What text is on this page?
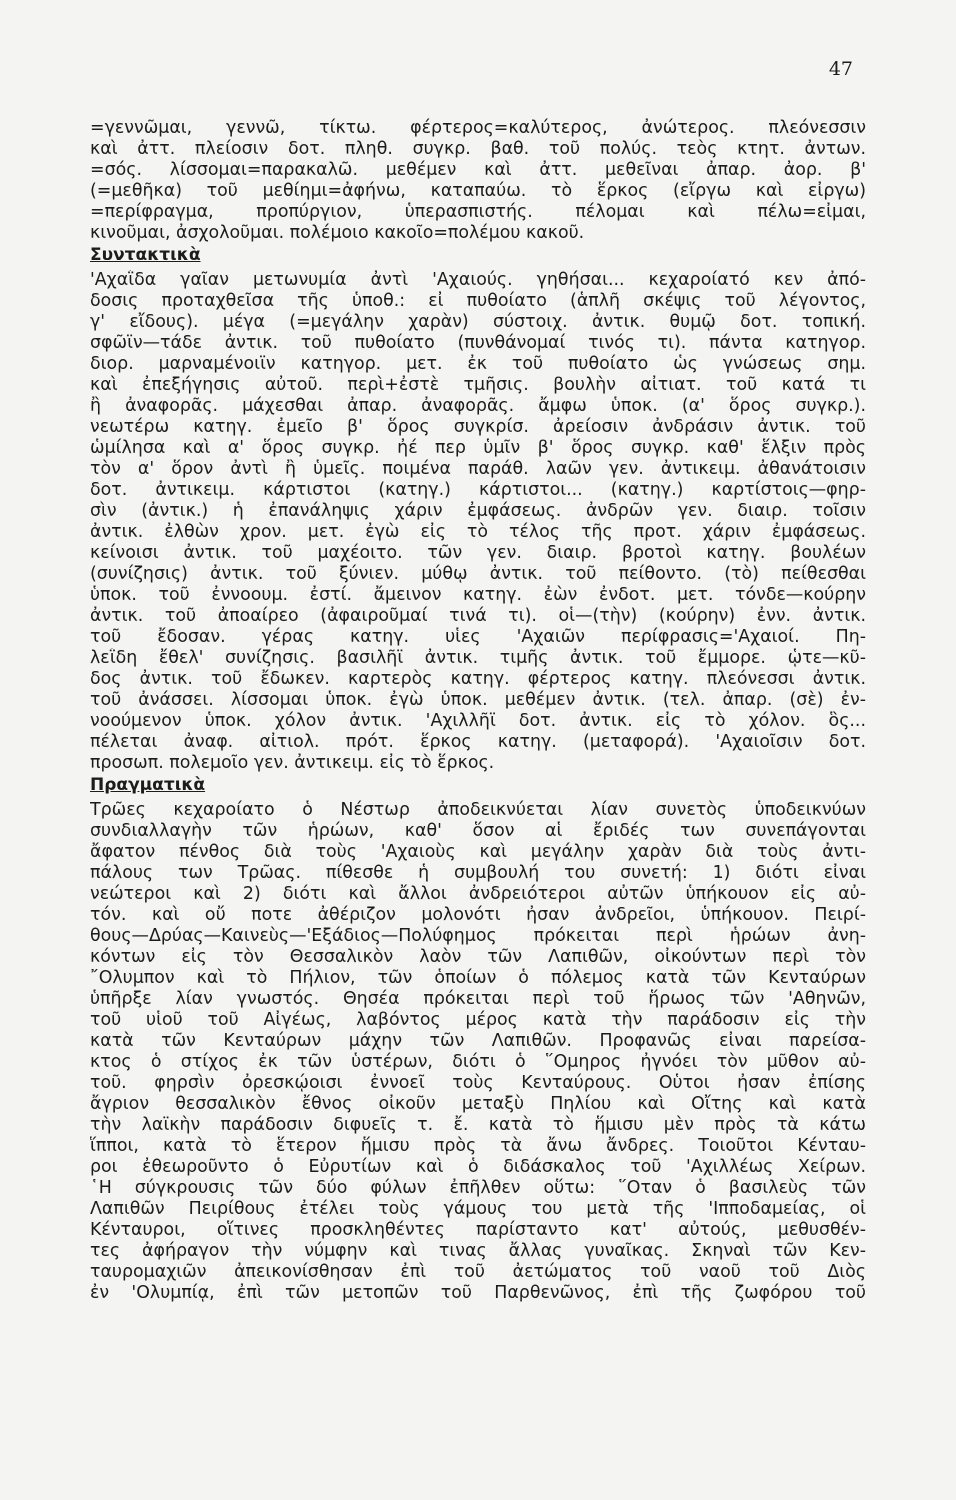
47
=γεννῶμαι, γεννῶ, τίκτω. φέρτερος=καλύτερος, ἀνώτερος. πλεόνεσσιν
καὶ ἀττ. πλείοσιν δοτ. πληθ. συγκρ. βαθ. τοῦ πολύς. τεὸς κτητ. ἀντων.
=σός. λίσσομαι=παρακαλῶ. μεθέμεν καὶ ἀττ. μεθεῖναι ἀπαρ. ἀορ. β'
(=μεθῆκα) τοῦ μεθίημι=ἀφήνω, καταπαύω. τὸ ἕρκος (εἴργω καὶ εἶργω)
=περίφραγμα, προπύργιον, ὑπερασπιστής. πέλομαι καὶ πέλω=εἶμαι,
κινοῦμαι, ἀσχολοῦμαι. πολέμοιο κακοῖο=πολέμου κακοῦ.
Συντακτικὰ
'Αχαΐδα γαῖαν μετωνυμία ἀντὶ 'Αχαιούς. γηθήσαι... κεχαροίατό κεν ἀπό-
δοσις προταχθεῖσα τῆς ὑποθ.: εἰ πυθοίατο (ἁπλῆ σκέψις τοῦ λέγοντος,
γ' εἴδους). μέγα (=μεγάλην χαρὰν) σύστοιχ. ἀντικ. θυμῷ δοτ. τοπική.
σφῶϊν—τάδε ἀντικ. τοῦ πυθοίατο (πυνθάνομαί τινός τι). πάντα κατηγορ.
διορ. μαρναμένοιϊν κατηγορ. μετ. ἐκ τοῦ πυθοίατο ὡς γνώσεως σημ.
καὶ ἐπεξήγησις αὐτοῦ. περὶ+ἐστὲ τμῆσις. βουλὴν αἰτιατ. τοῦ κατά τι
ἢ ἀναφορᾶς. μάχεσθαι ἀπαρ. ἀναφορᾶς. ἄμφω ὑποκ. (α' ὅρος συγκρ.).
νεωτέρω κατηγ. ἐμεῖο β' ὅρος συγκρίσ. ἀρείοσιν ἀνδράσιν ἀντικ. τοῦ
ὡμίλησα καὶ α' ὅρος συγκρ. ἠέ περ ὑμῖν β' ὅρος συγκρ. καθ' ἕλξιν πρὸς
τὸν α' ὅρον ἀντὶ ἢ ὑμεῖς. ποιμένα παράθ. λαῶν γεν. ἀντικειμ. ἀθανάτοισιν
δοτ. ἀντικειμ. κάρτιστοι (κατηγ.) κάρτιστοι... (κατηγ.) καρτίστοις—φηρ-
σὶν (ἀντικ.) ἡ ἐπανάληψις χάριν ἐμφάσεως. ἀνδρῶν γεν. διαιρ. τοῖσιν
ἀντικ. ἐλθὼν χρον. μετ. ἐγὼ εἰς τὸ τέλος τῆς προτ. χάριν ἐμφάσεως.
κείνοισι ἀντικ. τοῦ μαχέοιτο. τῶν γεν. διαιρ. βροτοὶ κατηγ. βουλέων
(συνίζησις) ἀντικ. τοῦ ξύνιεν. μύθῳ ἀντικ. τοῦ πείθοντο. (τὸ) πείθεσθαι
ὑποκ. τοῦ ἐννοουμ. ἐστί. ἄμεινον κατηγ. ἐὼν ἐνδοτ. μετ. τόνδε—κούρην
ἀντικ. τοῦ ἀποαίρεο (ἀφαιροῦμαί τινά τι). οἱ—(τὴν) (κούρην) ἐνν. ἀντικ.
τοῦ ἔδοσαν. γέρας κατηγ. υἷες 'Αχαιῶν περίφρασις='Αχαιοί. Πη-
λεΐδη ἔθελ' συνίζησις. βασιλῆϊ ἀντικ. τιμῆς ἀντικ. τοῦ ἔμμορε. ᾧτε—κῦ-
δος ἀντικ. τοῦ ἔδωκεν. καρτερὸς κατηγ. φέρτερος κατηγ. πλεόνεσσι ἀντικ.
τοῦ ἀνάσσει. λίσσομαι ὑποκ. ἐγὼ ὑποκ. μεθέμεν ἀντικ. (τελ. ἀπαρ. (σὲ) ἐν-
νοούμενον ὑποκ. χόλον ἀντικ. 'Αχιλλῆϊ δοτ. ἀντικ. εἰς τὸ χόλον. ὃς...
πέλεται ἀναφ. αἰτιολ. πρότ. ἕρκος κατηγ. (μεταφορά). 'Αχαιοῖσιν δοτ.
προσωπ. πολεμοῖο γεν. ἀντικειμ. εἰς τὸ ἕρκος.
Πραγματικὰ
Τρῶες κεχαροίατο ὁ Νέστωρ ἀποδεικνύεται λίαν συνετὸς ὑποδεικνύων
συνδιαλλαγὴν τῶν ἡρώων, καθ' ὅσον αἱ ἔριδές των συνεπάγονται
ἄφατον πένθος διὰ τοὺς 'Αχαιοὺς καὶ μεγάλην χαρὰν διὰ τοὺς ἀντι-
πάλους των Τρῶας. πίθεσθε ἡ συμβουλή του συνετή: 1) διότι εἶναι
νεώτεροι καὶ 2) διότι καὶ ἄλλοι ἀνδρειότεροι αὐτῶν ὑπήκουον εἰς αὐ-
τόν. καὶ οὔ ποτε ἀθέριζον μολονότι ἦσαν ἀνδρεῖοι, ὑπήκουον. Πειρί-
θους—Δρύας—Καινεὺς—'Εξάδιος—Πολύφημος πρόκειται περὶ ἡρώων ἀνη-
κόντων εἰς τὸν Θεσσαλικὸν λαὸν τῶν Λαπιθῶν, οἰκούντων περὶ τὸν
῎Ολυμπον καὶ τὸ Πήλιον, τῶν ὁποίων ὁ πόλεμος κατὰ τῶν Κενταύρων
ὑπῆρξε λίαν γνωστός. Θησέα πρόκειται περὶ τοῦ ἥρωος τῶν 'Αθηνῶν,
τοῦ υἱοῦ τοῦ Αἰγέως, λαβόντος μέρος κατὰ τὴν παράδοσιν εἰς τὴν
κατὰ τῶν Κενταύρων μάχην τῶν Λαπιθῶν. Προφανῶς εἶναι παρείσα-
κτος ὁ στίχος ἐκ τῶν ὑστέρων, διότι ὁ ῞Ομηρος ἠγνόει τὸν μῦθον αὐ-
τοῦ. φηρσὶν ὀρεσκῴοισι ἐννοεῖ τοὺς Κενταύρους. Οὗτοι ἦσαν ἐπίσης
ἄγριον θεσσαλικὸν ἔθνος οἰκοῦν μεταξὺ Πηλίου καὶ Οἴτης καὶ κατὰ
τὴν λαϊκὴν παράδοσιν διφυεῖς τ. ἔ. κατὰ τὸ ἥμισυ μὲν πρὸς τὰ κάτω
ἵπποι, κατὰ τὸ ἕτερον ἥμισυ πρὸς τὰ ἄνω ἄνδρες. Τοιοῦτοι Κένταυ-
ροι ἐθεωροῦντο ὁ Εὐρυτίων καὶ ὁ διδάσκαλος τοῦ 'Αχιλλέως Χείρων.
῾Η σύγκρουσις τῶν δύο φύλων ἐπῆλθεν οὕτω: ῞Οταν ὁ βασιλεὺς τῶν
Λαπιθῶν Πειρίθους ἐτέλει τοὺς γάμους του μετὰ τῆς 'Ιπποδαμείας, οἱ
Κένταυροι, οἵτινες προσκληθέντες παρίσταντο κατ' αὐτούς, μεθυσθέν-
τες ἀφήραγον τὴν νύμφην καὶ τινας ἄλλας γυναῖκας. Σκηναὶ τῶν Κεν-
ταυρομαχιῶν ἀπεικονίσθησαν ἐπὶ τοῦ ἀετώματος τοῦ ναοῦ τοῦ Διὸς
ἐν 'Ολυμπίᾳ, ἐπὶ τῶν μετοπῶν τοῦ Παρθενῶνος, ἐπὶ τῆς ζωφόρου τοῦ
